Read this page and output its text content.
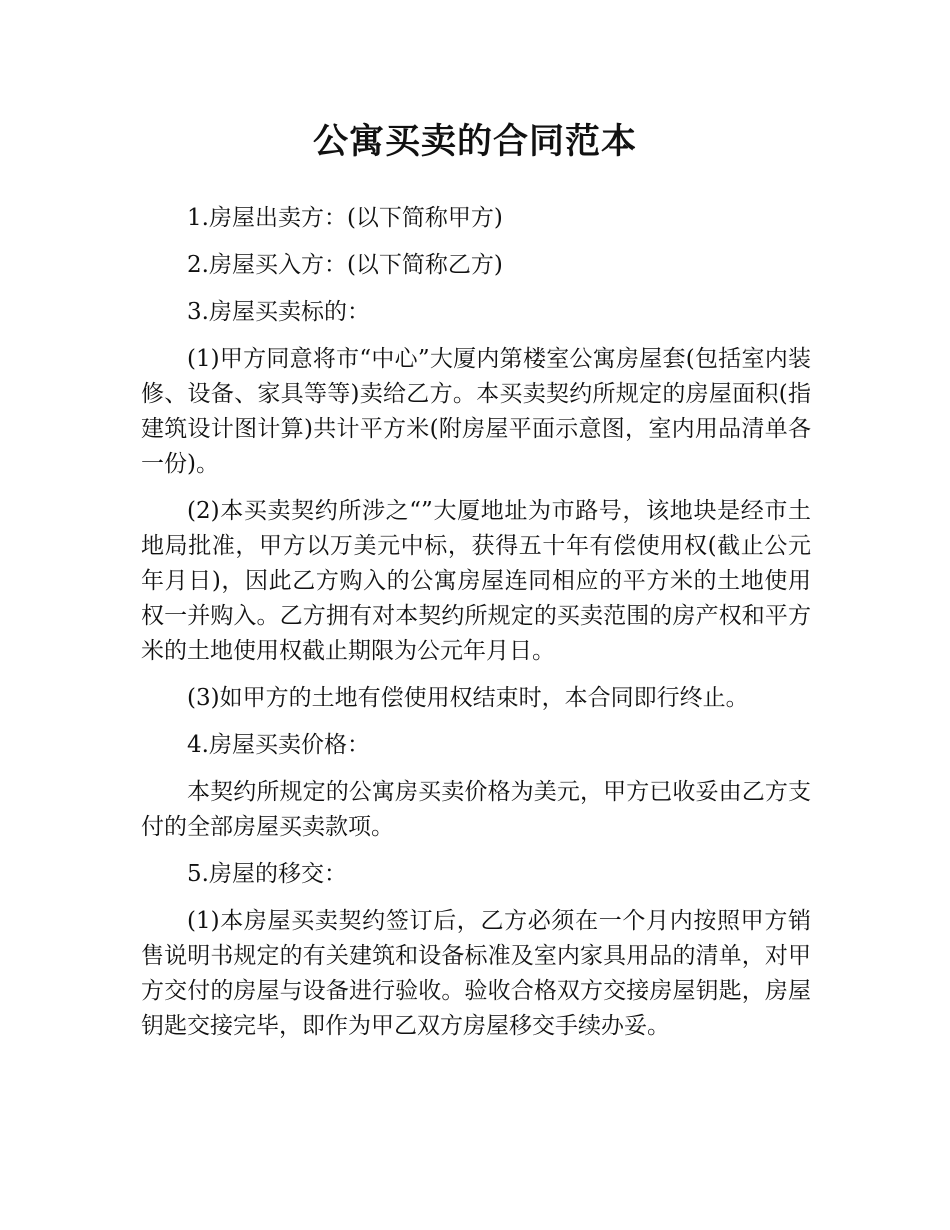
公寓买卖的合同范本

1.房屋出卖方：(以下简称甲方)

2.房屋买入方：(以下简称乙方)

3.房屋买卖标的：

(1)甲方同意将市“中心”大厦内第楼室公寓房屋套(包括室内装修、设备、家具等等)卖给乙方。本买卖契约所规定的房屋面积(指建筑设计图计算)共计平方米(附房屋平面示意图，室内用品清单各一份)。

(2)本买卖契约所涉之“”大厦地址为市路号，该地块是经市土地局批准，甲方以万美元中标，获得五十年有偿使用权(截止公元年月日)，因此乙方购入的公寓房屋连同相应的平方米的土地使用权一并购入。乙方拥有对本契约所规定的买卖范围的房产权和平方米的土地使用权截止期限为公元年月日。

(3)如甲方的土地有偿使用权结束时，本合同即行终止。

4.房屋买卖价格：

本契约所规定的公寓房买卖价格为美元，甲方已收妥由乙方支付的全部房屋买卖款项。

5.房屋的移交：

(1)本房屋买卖契约签订后，乙方必须在一个月内按照甲方销售说明书规定的有关建筑和设备标准及室内家具用品的清单，对甲方交付的房屋与设备进行验收。验收合格双方交接房屋钥匙，房屋钥匙交接完毕，即作为甲乙双方房屋移交手续办妥。
